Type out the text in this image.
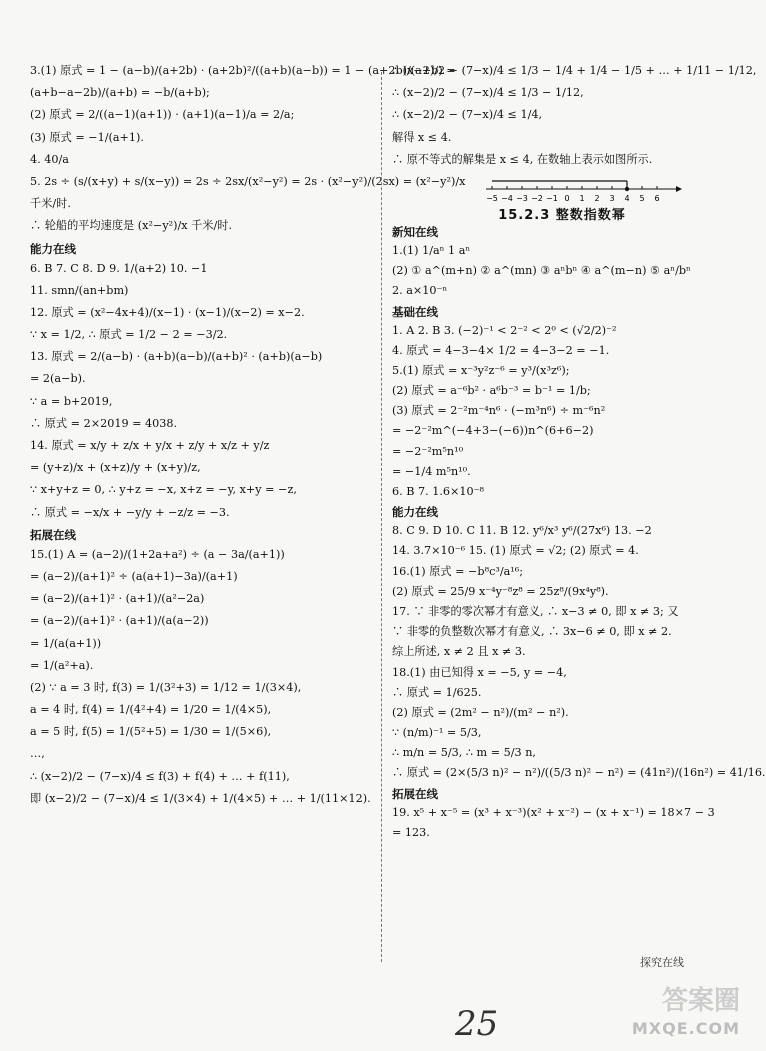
3.(1) 原式 = 1 − (a−b)/(a+2b) · (a+2b)²/((a+b)(a−b)) = 1 − (a+2b)/(a+b) =
(a+b−a−2b)/(a+b) = −b/(a+b);
(2) 原式 = 2/((a−1)(a+1)) · (a+1)(a−1)/a = 2/a;
(3) 原式 = −1/(a+1).
4. 40/a
5. 2s ÷ (s/(x+y) + s/(x−y)) = 2s ÷ 2sx/(x²−y²) = 2s · (x²−y²)/(2sx) = (x²−y²)/x
千米/时.
∴ 轮船的平均速度是 (x²−y²)/x 千米/时.
能力在线
6. B 7. C 8. D 9. 1/(a+2) 10. −1
11. smn/(an+bm)
12. 原式 = (x²−4x+4)/(x−1) · (x−1)/(x−2) = x−2.
∵ x = 1/2, ∴ 原式 = 1/2 − 2 = −3/2.
13. 原式 = 2/(a−b) · (a+b)(a−b)/(a+b)² · (a+b)(a−b)
= 2(a−b).
∵ a = b+2019,
∴ 原式 = 2×2019 = 4038.
14. 原式 = x/y + z/x + y/x + z/y + x/z + y/z
= (y+z)/x + (x+z)/y + (x+y)/z,
∵ x+y+z = 0, ∴ y+z = −x, x+z = −y, x+y = −z,
∴ 原式 = −x/x + −y/y + −z/z = −3.
拓展在线
15.(1) A = (a−2)/(1+2a+a²) ÷ (a − 3a/(a+1))
= (a−2)/(a+1)² ÷ (a(a+1)−3a)/(a+1)
= (a−2)/(a+1)² · (a+1)/(a²−2a)
= (a−2)/(a+1)² · (a+1)/(a(a−2))
= 1/(a(a+1))
= 1/(a²+a).
(2) ∵ a = 3 时, f(3) = 1/(3²+3) = 1/12 = 1/(3×4),
a = 4 时, f(4) = 1/(4²+4) = 1/20 = 1/(4×5),
a = 5 时, f(5) = 1/(5²+5) = 1/30 = 1/(5×6),
…,
∴ (x−2)/2 − (7−x)/4 ≤ f(3) + f(4) + … + f(11),
即 (x−2)/2 − (7−x)/4 ≤ 1/(3×4) + 1/(4×5) + … + 1/(11×12).
∴ (x−2)/2 − (7−x)/4 ≤ 1/3 − 1/4 + 1/4 − 1/5 + … + 1/11 − 1/12,
∴ (x−2)/2 − (7−x)/4 ≤ 1/3 − 1/12,
∴ (x−2)/2 − (7−x)/4 ≤ 1/4,
解得 x ≤ 4.
∴ 原不等式的解集是 x ≤ 4, 在数轴上表示如图所示.
−5 −4 −3 −2 −1 0 1 2 3 4 5 6
15.2.3 整数指数幂
新知在线
1.(1) 1/aⁿ 1 aⁿ
(2) ① a^(m+n) ② a^(mn) ③ aⁿbⁿ ④ a^(m−n) ⑤ aⁿ/bⁿ
2. a×10⁻ⁿ
基础在线
1. A 2. B 3. (−2)⁻¹ < 2⁻² < 2⁰ < (√2/2)⁻²
4. 原式 = 4−3−4× 1/2 = 4−3−2 = −1.
5.(1) 原式 = x⁻³y²z⁻⁶ = y³/(x³z⁶);
(2) 原式 = a⁻⁶b² · a⁶b⁻³ = b⁻¹ = 1/b;
(3) 原式 = 2⁻²m⁻⁴n⁶ · (−m³n⁶) ÷ m⁻⁶n²
= −2⁻²m^(−4+3−(−6))n^(6+6−2)
= −2⁻²m⁵n¹⁰
= −1/4 m⁵n¹⁰.
6. B 7. 1.6×10⁻⁸
能力在线
8. C 9. D 10. C 11. B 12. y⁶/x³ y⁶/(27x⁶) 13. −2
14. 3.7×10⁻⁶ 15. (1) 原式 = √2; (2) 原式 = 4.
16.(1) 原式 = −b⁸c³/a¹⁶;
(2) 原式 = 25/9 x⁻⁴y⁻⁸z⁸ = 25z⁸/(9x⁴y⁸).
17. ∵ 非零的零次幂才有意义, ∴ x−3 ≠ 0, 即 x ≠ 3; 又
∵ 非零的负整数次幂才有意义, ∴ 3x−6 ≠ 0, 即 x ≠ 2.
综上所述, x ≠ 2 且 x ≠ 3.
18.(1) 由已知得 x = −5, y = −4,
∴ 原式 = 1/625.
(2) 原式 = (2m² − n²)/(m² − n²).
∵ (n/m)⁻¹ = 5/3,
∴ m/n = 5/3, ∴ m = 5/3 n,
∴ 原式 = (2×(5/3 n)² − n²)/((5/3 n)² − n²) = (41n²)/(16n²) = 41/16.
拓展在线
19. x⁵ + x⁻⁵ = (x³ + x⁻³)(x² + x⁻²) − (x + x⁻¹) = 18×7 − 3
= 123.
探究在线
25
答案圈
MXQE.COM
